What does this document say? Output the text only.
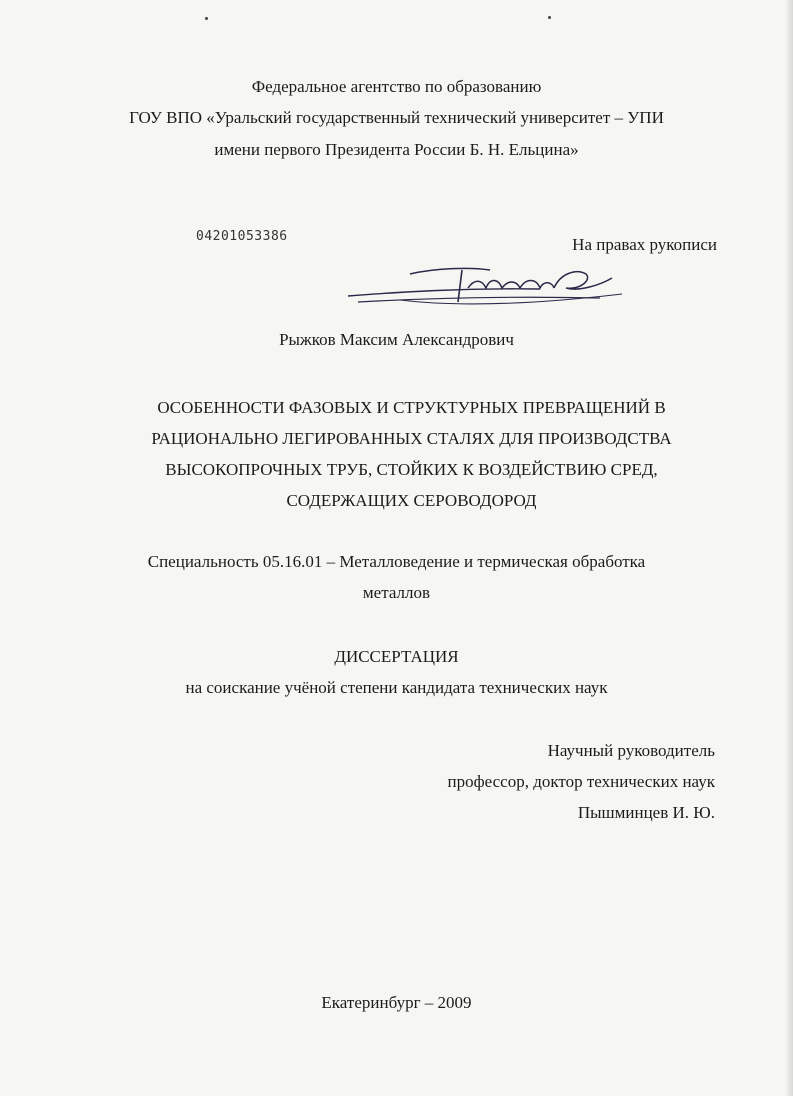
Федеральное агентство по образованию
ГОУ ВПО «Уральский государственный технический университет – УПИ
имени первого Президента России Б. Н. Ельцина»
04201053386	На правах рукописи
Рыжков Максим Александрович
ОСОБЕННОСТИ ФАЗОВЫХ И СТРУКТУРНЫХ ПРЕВРАЩЕНИЙ В
РАЦИОНАЛЬНО ЛЕГИРОВАННЫХ СТАЛЯХ ДЛЯ ПРОИЗВОДСТВА
ВЫСОКОПРОЧНЫХ ТРУБ, СТОЙКИХ К ВОЗДЕЙСТВИЮ СРЕД,
СОДЕРЖАЩИХ СЕРОВОДОРОД
Специальность 05.16.01 – Металловедение и термическая обработка
металлов
ДИССЕРТАЦИЯ
на соискание учёной степени кандидата технических наук
Научный руководитель
профессор, доктор технических наук
Пышминцев И. Ю.
Екатеринбург – 2009
